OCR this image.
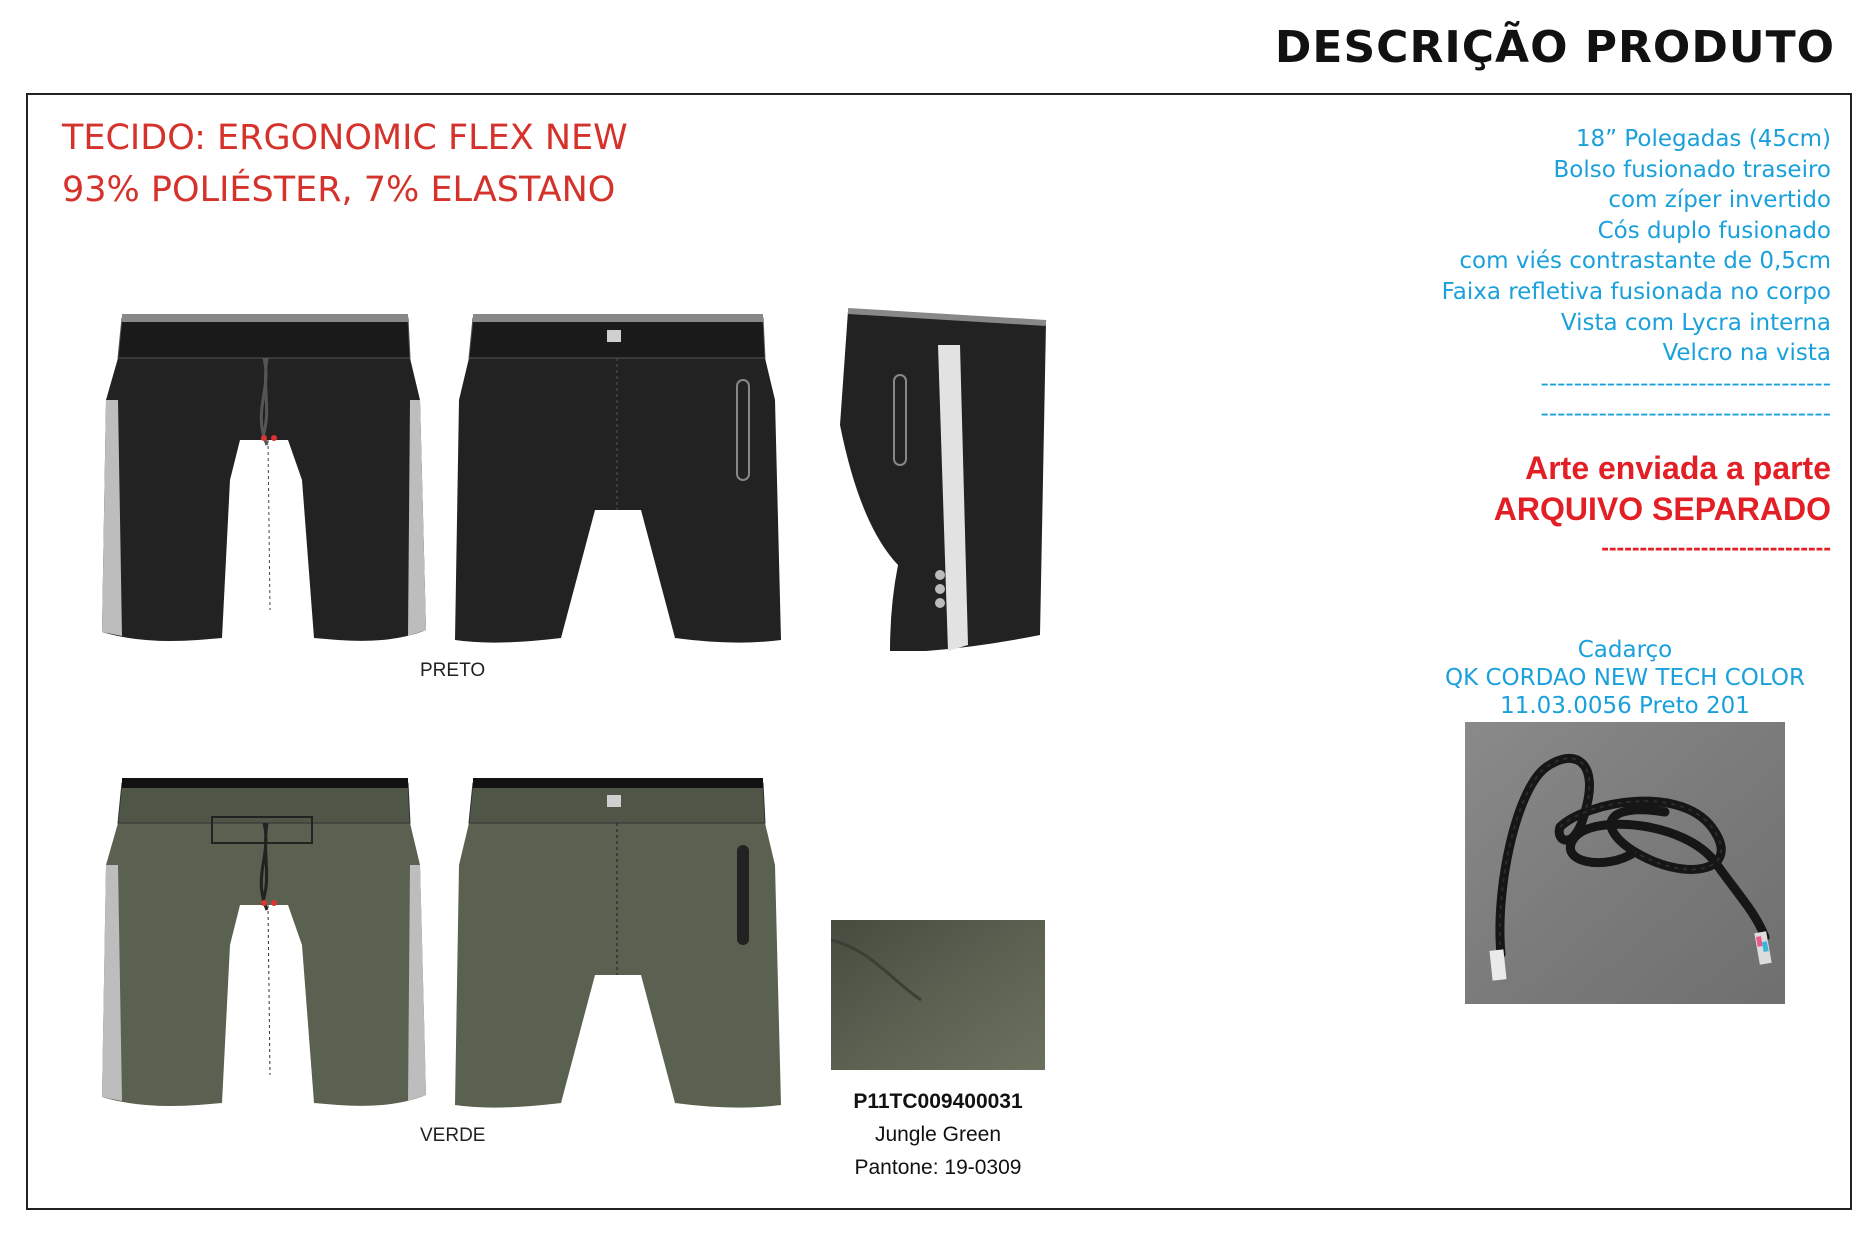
DESCRIÇÃO PRODUTO
TECIDO: ERGONOMIC FLEX NEW
93% POLIÉSTER, 7% ELASTANO
18” Polegadas (45cm)
Bolso fusionado traseiro
com zíper invertido
Cós duplo fusionado
com viés contrastante de 0,5cm
Faixa refletiva fusionada no corpo
Vista com Lycra interna
Velcro na vista
-----------------------------------
-----------------------------------
Arte enviada a parte
ARQUIVO SEPARADO
------------------------------
Cadarço
QK CORDAO NEW TECH COLOR
11.03.0056 Preto 201
PRETO
VERDE
P11TC009400031
Jungle Green
Pantone: 19-0309
